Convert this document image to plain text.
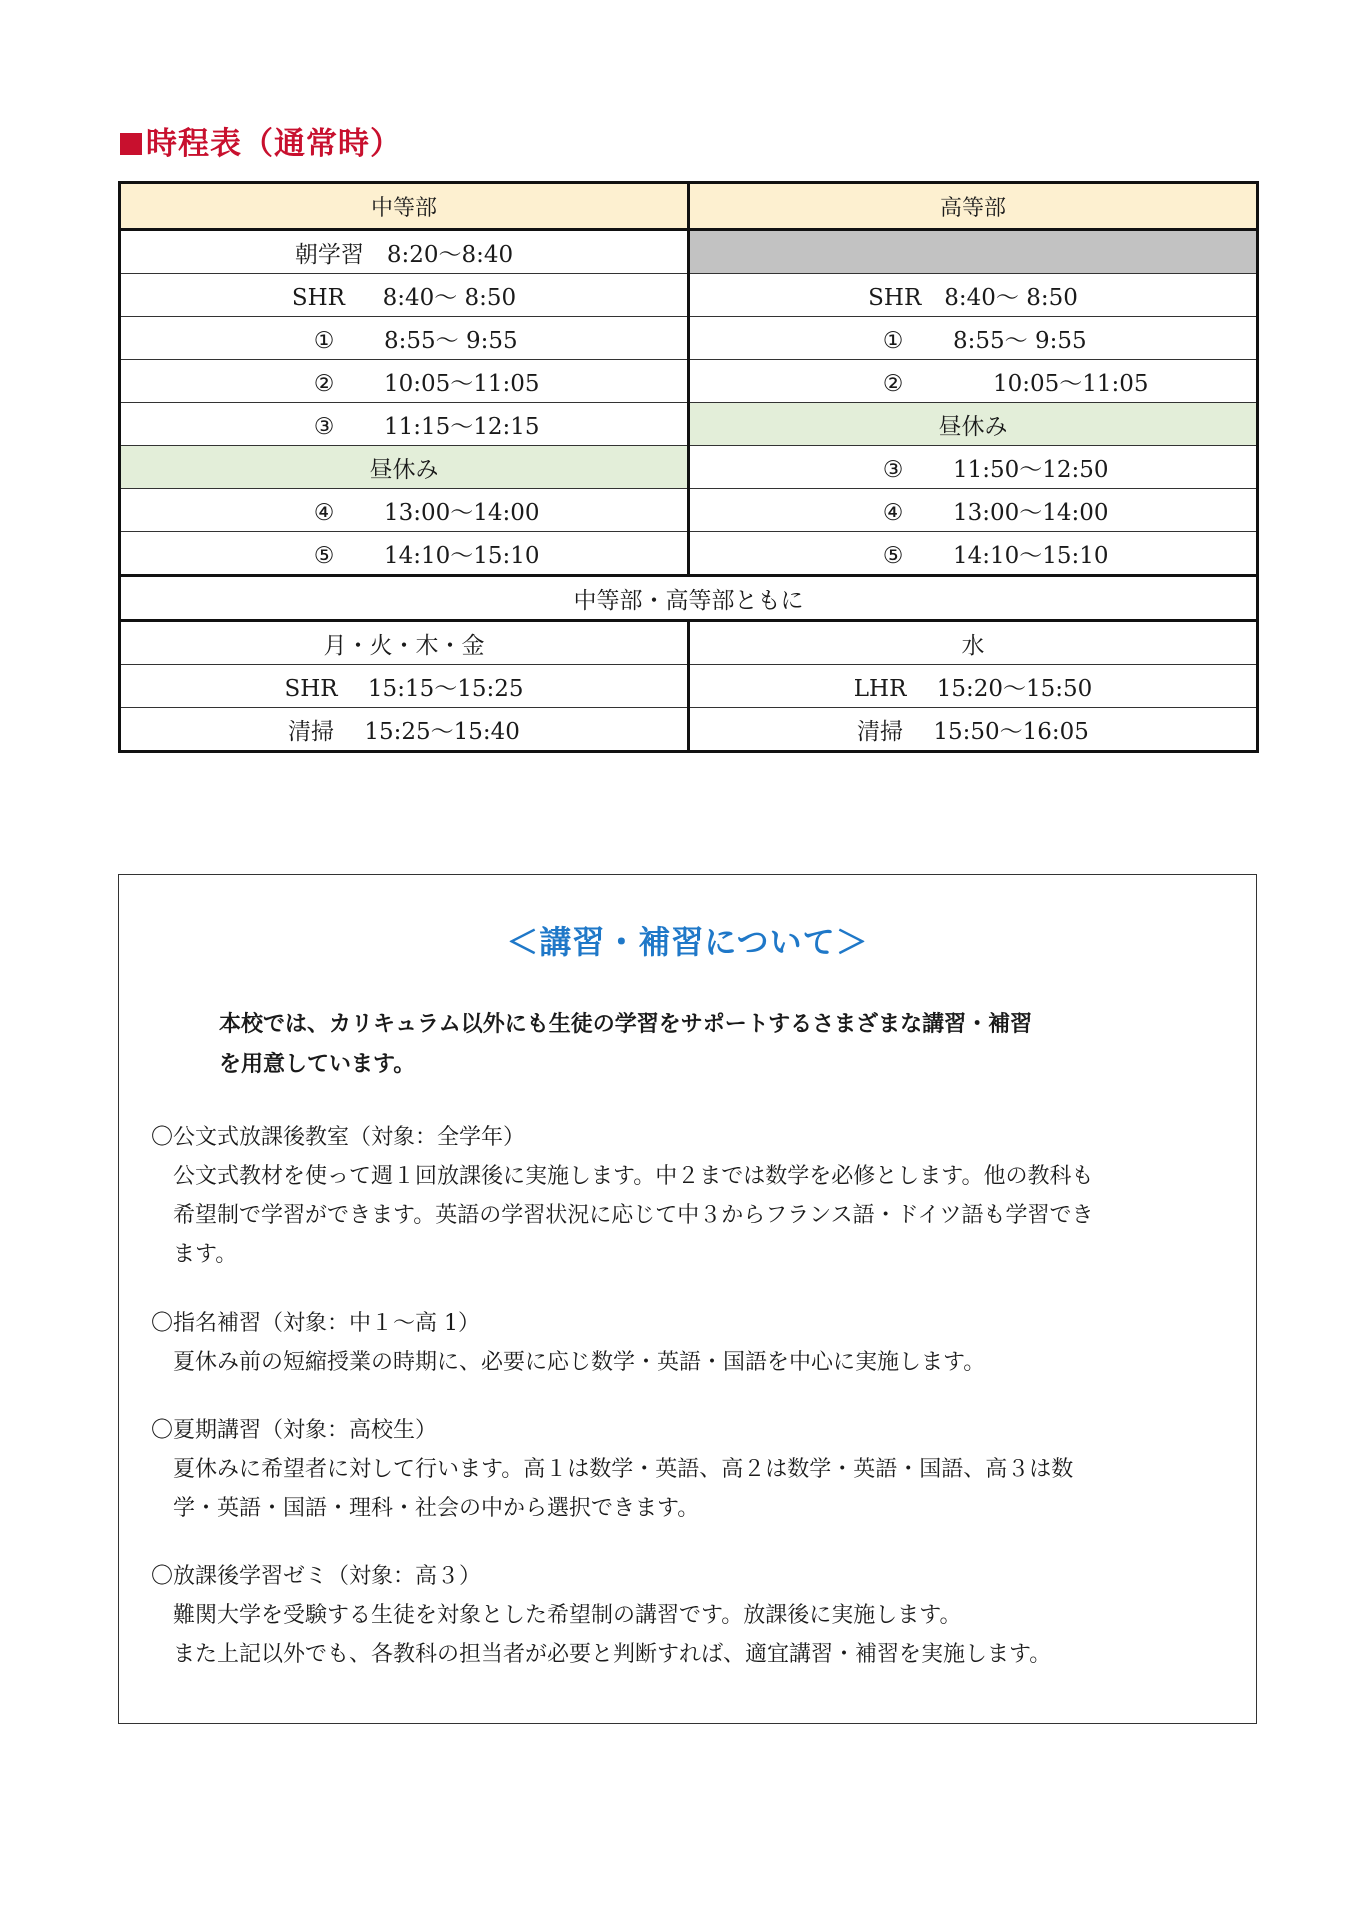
時程表（通常時）
中等部	高等部
朝学習　8:20〜8:40	
SHR　  8:40〜 8:50	SHR　8:40〜 8:50
① 8:55〜 9:55	① 8:55〜 9:55
② 10:05〜11:05	② 10:05〜11:05
③ 11:15〜12:15	昼休み
昼休み	③ 11:50〜12:50
④ 13:00〜14:00	④ 13:00〜14:00
⑤ 14:10〜15:10	⑤ 14:10〜15:10
中等部・高等部ともに	
月・火・木・金	水
SHR　 15:15〜15:25	LHR　 15:20〜15:50
清掃　 15:25〜15:40	清掃　 15:50〜16:05
＜講習・補習について＞
本校では、カリキュラム以外にも生徒の学習をサポートするさまざまな講習・補習
を用意しています。
〇公文式放課後教室（対象：全学年）
公文式教材を使って週１回放課後に実施します。中２までは数学を必修とします。他の教科も
希望制で学習ができます。英語の学習状況に応じて中３からフランス語・ドイツ語も学習でき
ます。
〇指名補習（対象：中１〜高 1）
夏休み前の短縮授業の時期に、必要に応じ数学・英語・国語を中心に実施します。
〇夏期講習（対象：高校生）
夏休みに希望者に対して行います。高１は数学・英語、高２は数学・英語・国語、高３は数
学・英語・国語・理科・社会の中から選択できます。
〇放課後学習ゼミ（対象：高３）
難関大学を受験する生徒を対象とした希望制の講習です。放課後に実施します。
また上記以外でも、各教科の担当者が必要と判断すれば、適宜講習・補習を実施します。
